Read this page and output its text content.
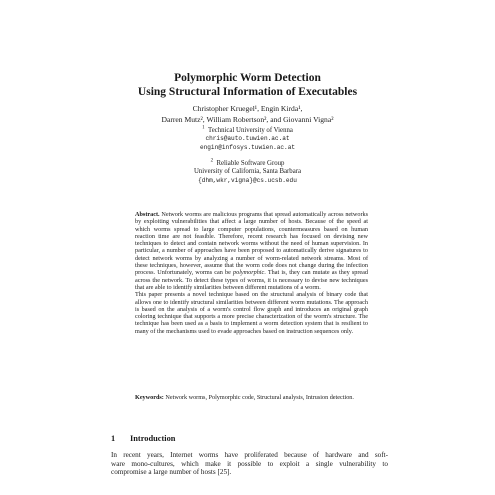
Polymorphic Worm Detection
Using Structural Information of Executables
Christopher Kruegel¹, Engin Kirda¹,
Darren Mutz², William Robertson², and Giovanni Vigna²
$^1$ Technical University of Vienna
chris@auto.tuwien.ac.at
engin@infosys.tuwien.ac.at
$^2$ Reliable Software Group
University of California, Santa Barbara
{dhm,wkr,vigna}@cs.ucsb.edu

Abstract. Network worms are malicious programs that spread automatically across networks by exploiting vulnerabilities that affect a large number of hosts. Because of the speed at which worms spread to large computer populations, countermeasures based on human reaction time are not feasible. Therefore, recent research has focused on devising new techniques to detect and contain network worms without the need of human supervision. In particular, a number of approaches have been proposed to automatically derive signatures to detect network worms by analyzing a number of worm-related network streams. Most of these techniques, however, assume that the worm code does not change during the infection process. Unfortunately, worms can be polymorphic. That is, they can mutate as they spread across the network. To detect these types of worms, it is necessary to devise new techniques that are able to identify similarities between different mutations of a worm.

This paper presents a novel technique based on the structural analysis of binary code that allows one to identify structural similarities between different worm mutations. The approach is based on the analysis of a worm's control flow graph and introduces an original graph coloring technique that supports a more precise characterization of the worm's structure. The technique has been used as a basis to implement a worm detection system that is resilient to many of the mechanisms used to evade approaches based on instruction sequences only.

Keywords: Network worms, Polymorphic code, Structural analysis, Intrusion detection.

1 Introduction

In recent years, Internet worms have proliferated because of hardware and soft-
ware mono-cultures, which make it possible to exploit a single vulnerability to
compromise a large number of hosts [25].
